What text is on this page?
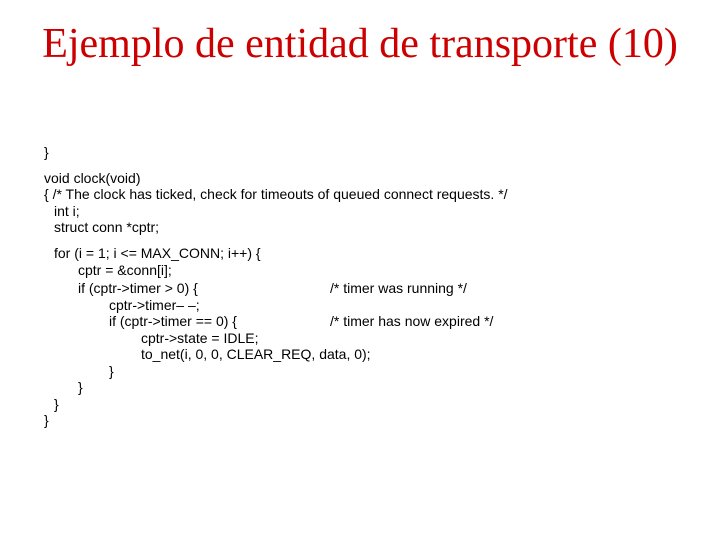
Ejemplo de entidad de transporte (10)
}
void clock(void)
{ /* The clock has ticked, check for timeouts of queued connect requests. */
int i;
struct conn *cptr;
for (i = 1; i <= MAX_CONN; i++) {
cptr = &conn[i];
if (cptr->timer > 0) {	/* timer was running */
cptr->timer– –;
if (cptr->timer == 0) {	/* timer has now expired */
cptr->state = IDLE;
to_net(i, 0, 0, CLEAR_REQ, data, 0);
}
}
}
}
